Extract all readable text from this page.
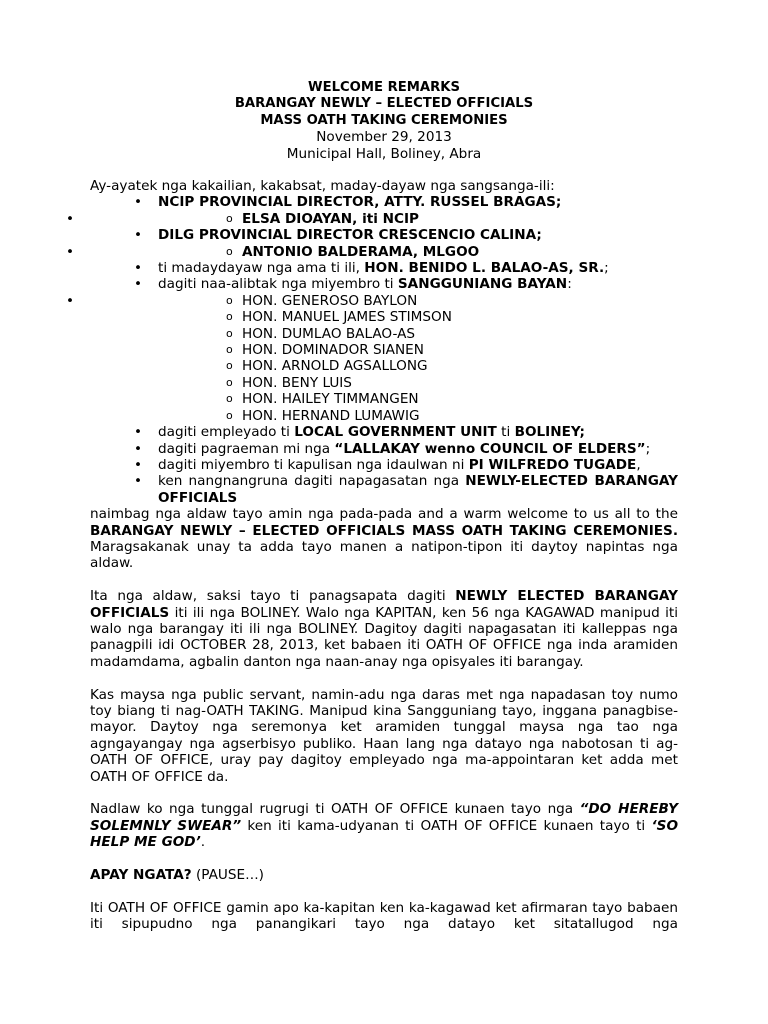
WELCOME REMARKS
BARANGAY NEWLY – ELECTED OFFICIALS
MASS OATH TAKING CEREMONIES
November 29, 2013
Municipal Hall, Boliney, Abra

Ay-ayatek nga kakailian, kakabsat, maday-dayaw nga sangsanga-ili:

• NCIP PROVINCIAL DIRECTOR, ATTY. RUSSEL BRAGAS;
o • ELSA DIOAYAN, iti NCIP
• DILG PROVINCIAL DIRECTOR CRESCENCIO CALINA;
o • ANTONIO BALDERAMA, MLGOO
• ti madaydayaw nga ama ti ili, HON. BENIDO L. BALAO-AS, SR.;
• dagiti naa-alibtak nga miyembro ti SANGGUNIANG BAYAN:
o • HON. GENEROSO BAYLON
o HON. MANUEL JAMES STIMSON
o HON. DUMLAO BALAO-AS
o HON. DOMINADOR SIANEN
o HON. ARNOLD AGSALLONG
o HON. BENY LUIS
o HON. HAILEY TIMMANGEN
o HON. HERNAND LUMAWIG
• dagiti empleyado ti LOCAL GOVERNMENT UNIT ti BOLINEY;
• dagiti pagraeman mi nga “LALLAKAY wenno COUNCIL OF ELDERS”;
• dagiti miyembro ti kapulisan nga idaulwan ni PI WILFREDO TUGADE,
• ken nangnangruna dagiti napagasatan nga NEWLY-ELECTED BARANGAY OFFICIALS

naimbag nga aldaw tayo amin nga pada-pada and a warm welcome to us all to the BARANGAY NEWLY – ELECTED OFFICIALS MASS OATH TAKING CEREMONIES. Maragsakanak unay ta adda tayo manen a natipon-tipon iti daytoy napintas nga aldaw.

Ita nga aldaw, saksi tayo ti panagsapata dagiti NEWLY ELECTED BARANGAY OFFICIALS iti ili nga BOLINEY. Walo nga KAPITAN, ken 56 nga KAGAWAD manipud iti walo nga barangay iti ili nga BOLINEY. Dagitoy dagiti napagasatan iti kalleppas nga panagpili idi OCTOBER 28, 2013, ket babaen iti OATH OF OFFICE nga inda aramiden madamdama, agbalin danton nga naan-anay nga opisyales iti barangay.

Kas maysa nga public servant, namin-adu nga daras met nga napadasan toy numo toy biang ti nag-OATH TAKING. Manipud kina Sangguniang tayo, inggana panagbise-mayor. Daytoy nga seremonya ket aramiden tunggal maysa nga tao nga agngayangay nga agserbisyo publiko. Haan lang nga datayo nga nabotosan ti ag-OATH OF OFFICE, uray pay dagitoy empleyado nga ma-appointaran ket adda met OATH OF OFFICE da.

Nadlaw ko nga tunggal rugrugi ti OATH OF OFFICE kunaen tayo nga “DO HEREBY SOLEMNLY SWEAR” ken iti kama-udyanan ti OATH OF OFFICE kunaen tayo ti ‘SO HELP ME GOD’.

APAY NGATA? (PAUSE…)

Iti OATH OF OFFICE gamin apo ka-kapitan ken ka-kagawad ket afirmaran tayo babaen iti sipupudno nga panangikari tayo nga datayo ket sitatallugod nga
